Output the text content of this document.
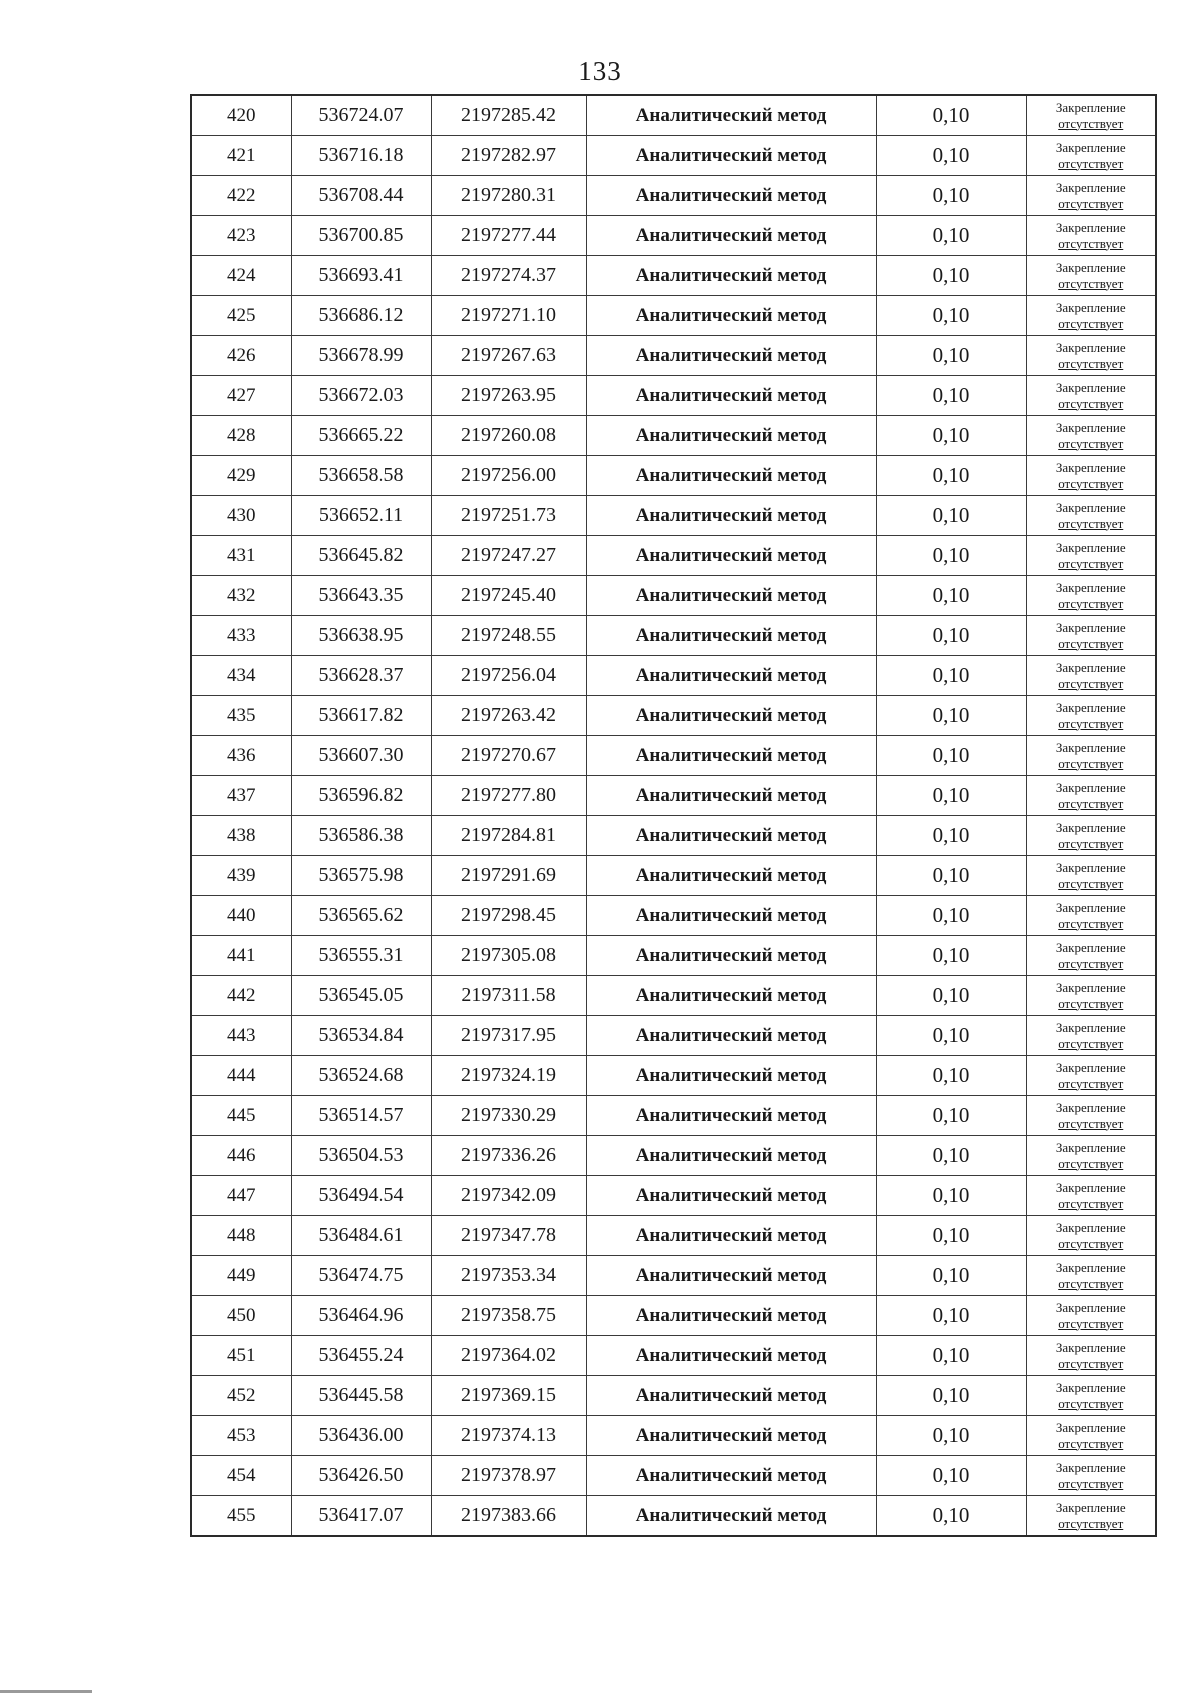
133
420	536724.07	2197285.42	Аналитический метод	0,10	Закрепление
отсутствует

421	536716.18	2197282.97	Аналитический метод	0,10	Закрепление
отсутствует

422	536708.44	2197280.31	Аналитический метод	0,10	Закрепление
отсутствует

423	536700.85	2197277.44	Аналитический метод	0,10	Закрепление
отсутствует

424	536693.41	2197274.37	Аналитический метод	0,10	Закрепление
отсутствует

425	536686.12	2197271.10	Аналитический метод	0,10	Закрепление
отсутствует

426	536678.99	2197267.63	Аналитический метод	0,10	Закрепление
отсутствует

427	536672.03	2197263.95	Аналитический метод	0,10	Закрепление
отсутствует

428	536665.22	2197260.08	Аналитический метод	0,10	Закрепление
отсутствует

429	536658.58	2197256.00	Аналитический метод	0,10	Закрепление
отсутствует

430	536652.11	2197251.73	Аналитический метод	0,10	Закрепление
отсутствует

431	536645.82	2197247.27	Аналитический метод	0,10	Закрепление
отсутствует

432	536643.35	2197245.40	Аналитический метод	0,10	Закрепление
отсутствует

433	536638.95	2197248.55	Аналитический метод	0,10	Закрепление
отсутствует

434	536628.37	2197256.04	Аналитический метод	0,10	Закрепление
отсутствует

435	536617.82	2197263.42	Аналитический метод	0,10	Закрепление
отсутствует

436	536607.30	2197270.67	Аналитический метод	0,10	Закрепление
отсутствует

437	536596.82	2197277.80	Аналитический метод	0,10	Закрепление
отсутствует

438	536586.38	2197284.81	Аналитический метод	0,10	Закрепление
отсутствует

439	536575.98	2197291.69	Аналитический метод	0,10	Закрепление
отсутствует

440	536565.62	2197298.45	Аналитический метод	0,10	Закрепление
отсутствует

441	536555.31	2197305.08	Аналитический метод	0,10	Закрепление
отсутствует

442	536545.05	2197311.58	Аналитический метод	0,10	Закрепление
отсутствует

443	536534.84	2197317.95	Аналитический метод	0,10	Закрепление
отсутствует

444	536524.68	2197324.19	Аналитический метод	0,10	Закрепление
отсутствует

445	536514.57	2197330.29	Аналитический метод	0,10	Закрепление
отсутствует

446	536504.53	2197336.26	Аналитический метод	0,10	Закрепление
отсутствует

447	536494.54	2197342.09	Аналитический метод	0,10	Закрепление
отсутствует

448	536484.61	2197347.78	Аналитический метод	0,10	Закрепление
отсутствует

449	536474.75	2197353.34	Аналитический метод	0,10	Закрепление
отсутствует

450	536464.96	2197358.75	Аналитический метод	0,10	Закрепление
отсутствует

451	536455.24	2197364.02	Аналитический метод	0,10	Закрепление
отсутствует

452	536445.58	2197369.15	Аналитический метод	0,10	Закрепление
отсутствует

453	536436.00	2197374.13	Аналитический метод	0,10	Закрепление
отсутствует

454	536426.50	2197378.97	Аналитический метод	0,10	Закрепление
отсутствует

455	536417.07	2197383.66	Аналитический метод	0,10	Закрепление
отсутствует
